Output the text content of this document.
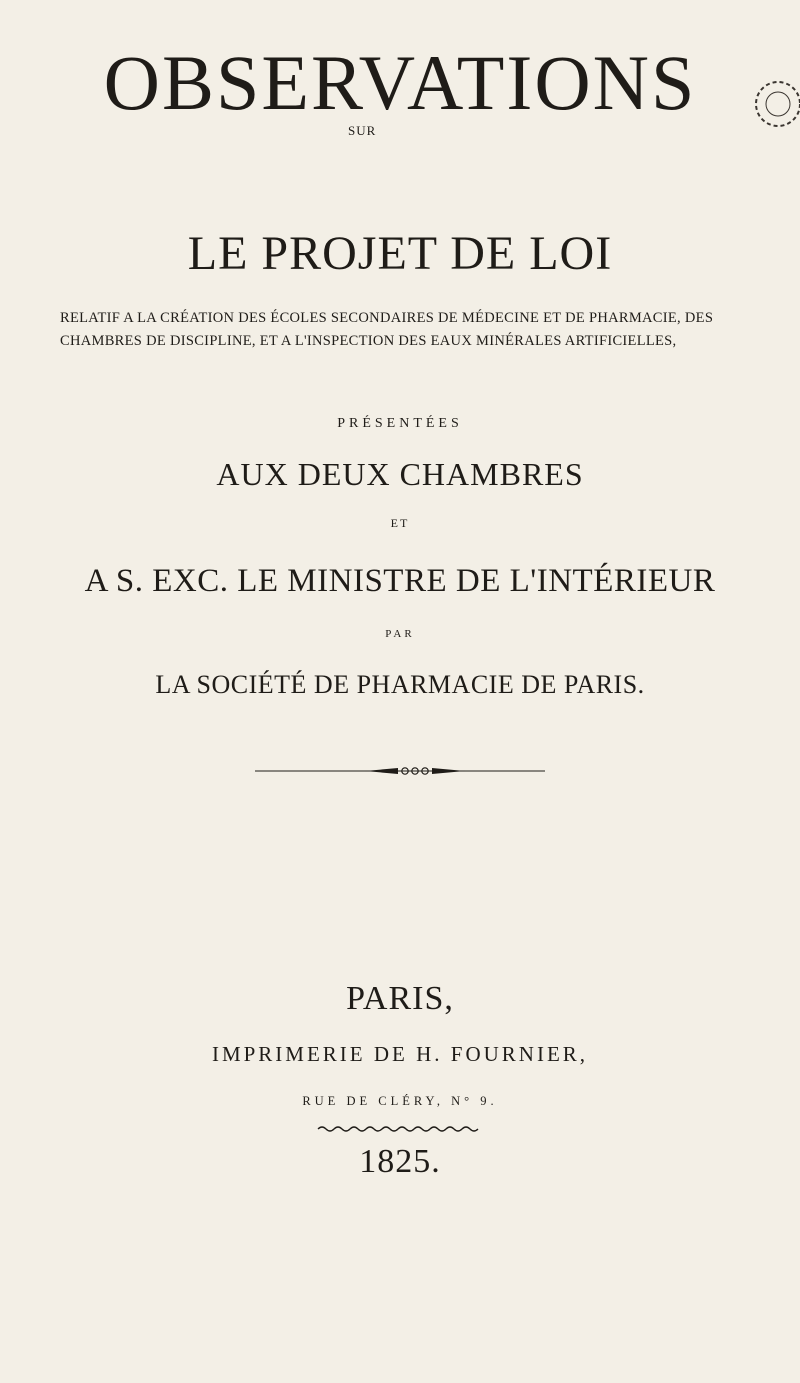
OBSERVATIONS
SUR
LE PROJET DE LOI
RELATIF A LA CRÉATION DES ÉCOLES SECONDAIRES DE MÉDECINE ET DE PHARMACIE, DES CHAMBRES DE DISCIPLINE, ET A L'INSPECTION DES EAUX MINÉRALES ARTIFICIELLES,
PRÉSENTÉES
AUX DEUX CHAMBRES
ET
A S. EXC. LE MINISTRE DE L'INTÉRIEUR
PAR
LA SOCIÉTÉ DE PHARMACIE DE PARIS.
PARIS,
IMPRIMERIE DE H. FOURNIER,
RUE DE CLÉRY, N° 9.
1825.
